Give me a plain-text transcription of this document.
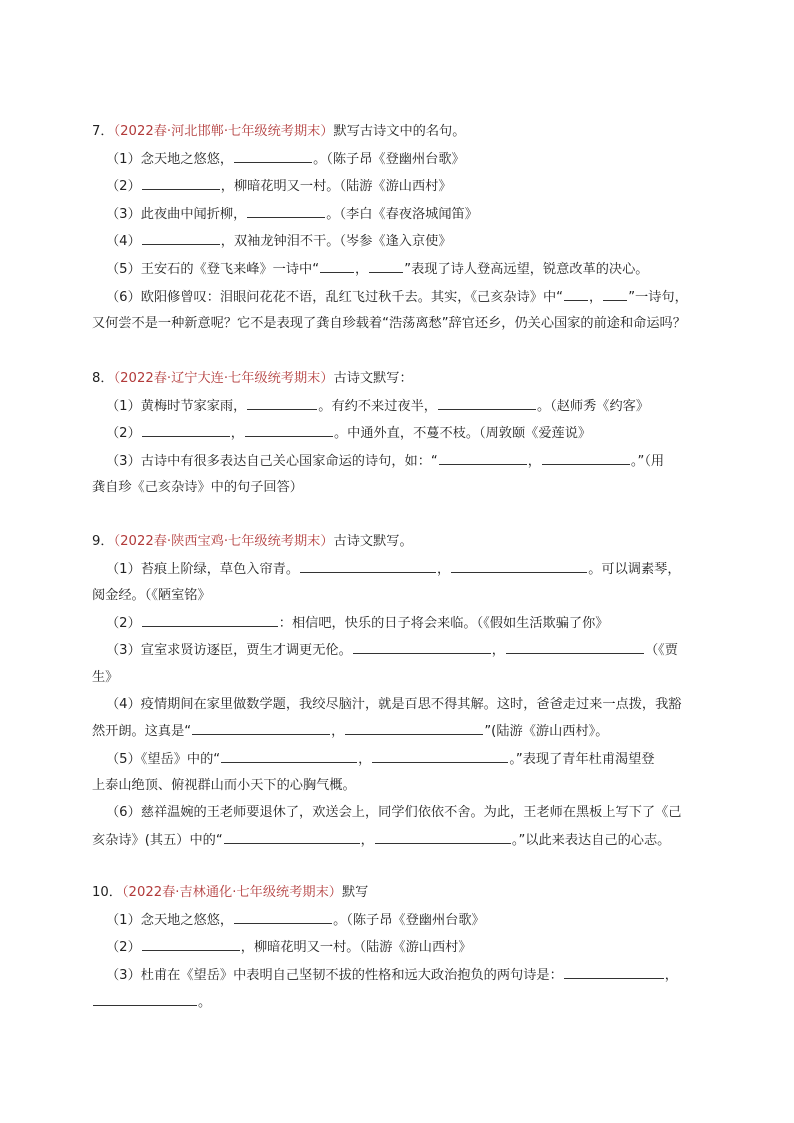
7．（2022春·河北邯郸·七年级统考期末）默写古诗文中的名句。
（1）念天地之悠悠，	。（陈子昂《登幽州台歌》
（2）	，柳暗花明又一村。（陆游《游山西村》
（3）此夜曲中闻折柳，	。（李白《春夜洛城闻笛》
（4）	，双袖龙钟泪不干。（岑参《逢入京使》
（5）王安石的《登飞来峰》一诗中“	，	”表现了诗人登高远望，锐意改革的决心。
（6）欧阳修曾叹：泪眼问花花不语，乱红飞过秋千去。其实，《己亥杂诗》中“ ， ”一诗句，
又何尝不是一种新意呢？它不是表现了龚自珍载着“浩荡离愁”辞官还乡，仍关心国家的前途和命运吗？
8．（2022春·辽宁大连·七年级统考期末）古诗文默写：
（1）黄梅时节家家雨，	。有约不来过夜半，	。（赵师秀《约客》
（2）	，	。中通外直，不蔓不枝。（周敦颐《爱莲说》
（3）古诗中有很多表达自己关心国家命运的诗句，如：“	，	。”（用
龚自珍《己亥杂诗》中的句子回答）
9．（2022春·陕西宝鸡·七年级统考期末）古诗文默写。
（1）苔痕上阶绿，草色入帘青。	，	。可以调素琴，
阅金经。（《陋室铭》
（2）	：相信吧，快乐的日子将会来临。（《假如生活欺骗了你》
（3）宣室求贤访逐臣，贾生才调更无伦。	，	（《贾
生》
（4）疫情期间在家里做数学题，我绞尽脑汁，就是百思不得其解。这时，爸爸走过来一点拨，我豁
然开朗。这真是“	，	”(陆游《游山西村》。
（5）《望岳》中的“	，	。”表现了青年杜甫渴望登
上泰山绝顶、俯视群山而小天下的心胸气概。
（6）慈祥温婉的王老师要退休了，欢送会上，同学们依依不舍。为此，王老师在黑板上写下了《己
亥杂诗》(其五）中的“	，	。”以此来表达自己的心志。
10．（2022春·吉林通化·七年级统考期末）默写
（1）念天地之悠悠，	。（陈子昂《登幽州台歌》
（2）	，柳暗花明又一村。（陆游《游山西村》
（3）杜甫在《望岳》中表明自己坚韧不拔的性格和远大政治抱负的两句诗是：	，
。
